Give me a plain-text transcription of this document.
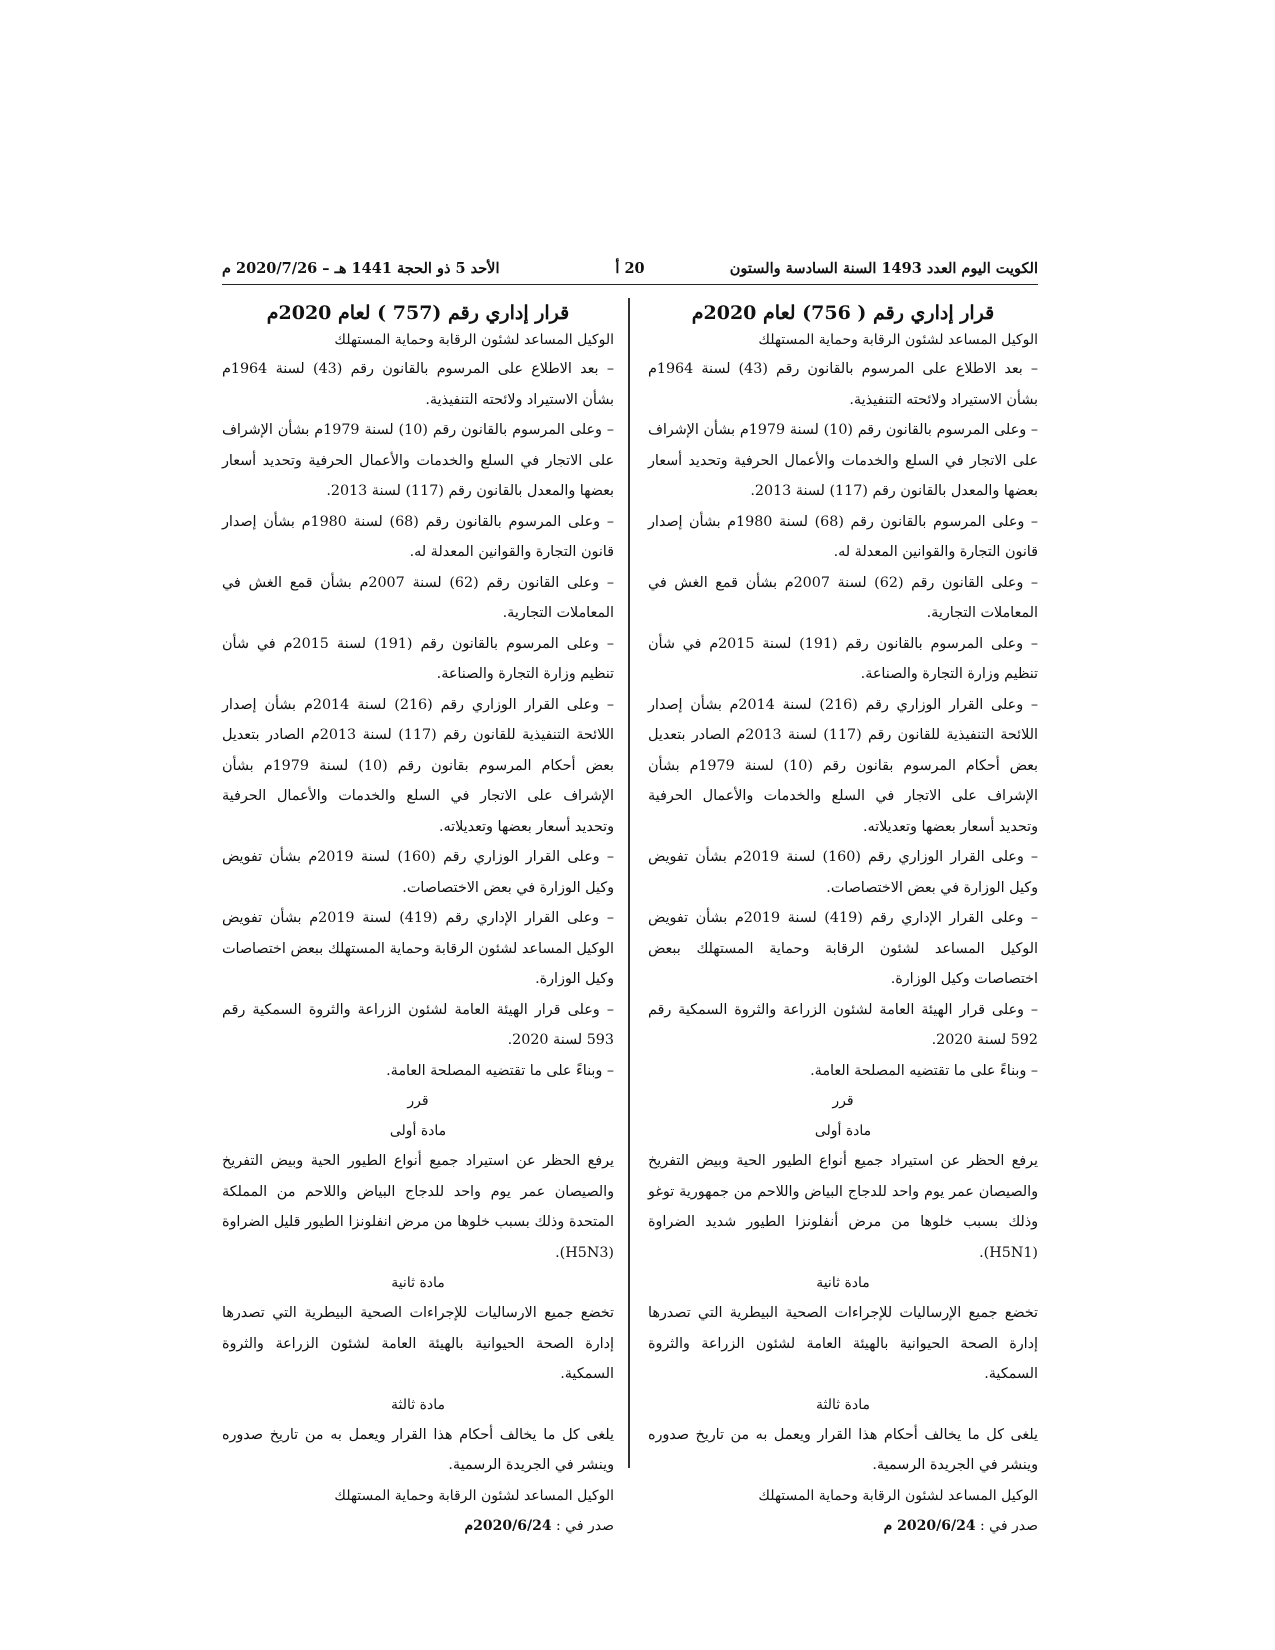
الكويت اليوم العدد 1493 السنة السادسة والستون
20 أ
الأحد 5 ذو الحجة 1441 هـ – 2020/7/26 م
قرار إداري رقم ( 756) لعام 2020م
الوكيل المساعد لشئون الرقابة وحماية المستهلك

– بعد الاطلاع على المرسوم بالقانون رقم (43) لسنة 1964م بشأن الاستيراد ولائحته التنفيذية.

– وعلى المرسوم بالقانون رقم (10) لسنة 1979م بشأن الإشراف على الاتجار في السلع والخدمات والأعمال الحرفية وتحديد أسعار بعضها والمعدل بالقانون رقم (117) لسنة 2013.

– وعلى المرسوم بالقانون رقم (68) لسنة 1980م بشأن إصدار قانون التجارة والقوانين المعدلة له.

– وعلى القانون رقم (62) لسنة 2007م بشأن قمع الغش في المعاملات التجارية.

– وعلى المرسوم بالقانون رقم (191) لسنة 2015م في شأن تنظيم وزارة التجارة والصناعة.

– وعلى القرار الوزاري رقم (216) لسنة 2014م بشأن إصدار اللائحة التنفيذية للقانون رقم (117) لسنة 2013م الصادر بتعديل بعض أحكام المرسوم بقانون رقم (10) لسنة 1979م بشأن الإشراف على الاتجار في السلع والخدمات والأعمال الحرفية وتحديد أسعار بعضها وتعديلاته.

– وعلى القرار الوزاري رقم (160) لسنة 2019م بشأن تفويض وكيل الوزارة في بعض الاختصاصات.

– وعلى القرار الإداري رقم (419) لسنة 2019م بشأن تفويض الوكيل المساعد لشئون الرقابة وحماية المستهلك ببعض اختصاصات وكيل الوزارة.

– وعلى قرار الهيئة العامة لشئون الزراعة والثروة السمكية رقم 592 لسنة 2020.

– وبناءً على ما تقتضيه المصلحة العامة.

قرر
مادة أولى

يرفع الحظر عن استيراد جميع أنواع الطيور الحية وبيض التفريخ والصيصان عمر يوم واحد للدجاج البياض واللاحم من جمهورية توغو وذلك بسبب خلوها من مرض أنفلونزا الطيور شديد الضراوة (H5N1).

مادة ثانية

تخضع جميع الإرساليات للإجراءات الصحية البيطرية التي تصدرها إدارة الصحة الحيوانية بالهيئة العامة لشئون الزراعة والثروة السمكية.

مادة ثالثة

يلغى كل ما يخالف أحكام هذا القرار ويعمل به من تاريخ صدوره وينشر في الجريدة الرسمية.

الوكيل المساعد لشئون الرقابة وحماية المستهلك
صدر في : 2020/6/24 م
قرار إداري رقم (757 ) لعام 2020م
الوكيل المساعد لشئون الرقابة وحماية المستهلك

– بعد الاطلاع على المرسوم بالقانون رقم (43) لسنة 1964م بشأن الاستيراد ولائحته التنفيذية.

– وعلى المرسوم بالقانون رقم (10) لسنة 1979م بشأن الإشراف على الاتجار في السلع والخدمات والأعمال الحرفية وتحديد أسعار بعضها والمعدل بالقانون رقم (117) لسنة 2013.

– وعلى المرسوم بالقانون رقم (68) لسنة 1980م بشأن إصدار قانون التجارة والقوانين المعدلة له.

– وعلى القانون رقم (62) لسنة 2007م بشأن قمع الغش في المعاملات التجارية.

– وعلى المرسوم بالقانون رقم (191) لسنة 2015م في شأن تنظيم وزارة التجارة والصناعة.

– وعلى القرار الوزاري رقم (216) لسنة 2014م بشأن إصدار اللائحة التنفيذية للقانون رقم (117) لسنة 2013م الصادر بتعديل بعض أحكام المرسوم بقانون رقم (10) لسنة 1979م بشأن الإشراف على الاتجار في السلع والخدمات والأعمال الحرفية وتحديد أسعار بعضها وتعديلاته.

– وعلى القرار الوزاري رقم (160) لسنة 2019م بشأن تفويض وكيل الوزارة في بعض الاختصاصات.

– وعلى القرار الإداري رقم (419) لسنة 2019م بشأن تفويض الوكيل المساعد لشئون الرقابة وحماية المستهلك ببعض اختصاصات وكيل الوزارة.

– وعلى قرار الهيئة العامة لشئون الزراعة والثروة السمكية رقم 593 لسنة 2020.

– وبناءً على ما تقتضيه المصلحة العامة.

قرر
مادة أولى

يرفع الحظر عن استيراد جميع أنواع الطيور الحية وبيض التفريخ والصيصان عمر يوم واحد للدجاج البياض واللاحم من المملكة المتحدة وذلك بسبب خلوها من مرض انفلونزا الطيور قليل الضراوة (H5N3).

مادة ثانية

تخضع جميع الارساليات للإجراءات الصحية البيطرية التي تصدرها إدارة الصحة الحيوانية بالهيئة العامة لشئون الزراعة والثروة السمكية.

مادة ثالثة

يلغى كل ما يخالف أحكام هذا القرار ويعمل به من تاريخ صدوره وينشر في الجريدة الرسمية.

الوكيل المساعد لشئون الرقابة وحماية المستهلك
صدر في : 2020/6/24م
